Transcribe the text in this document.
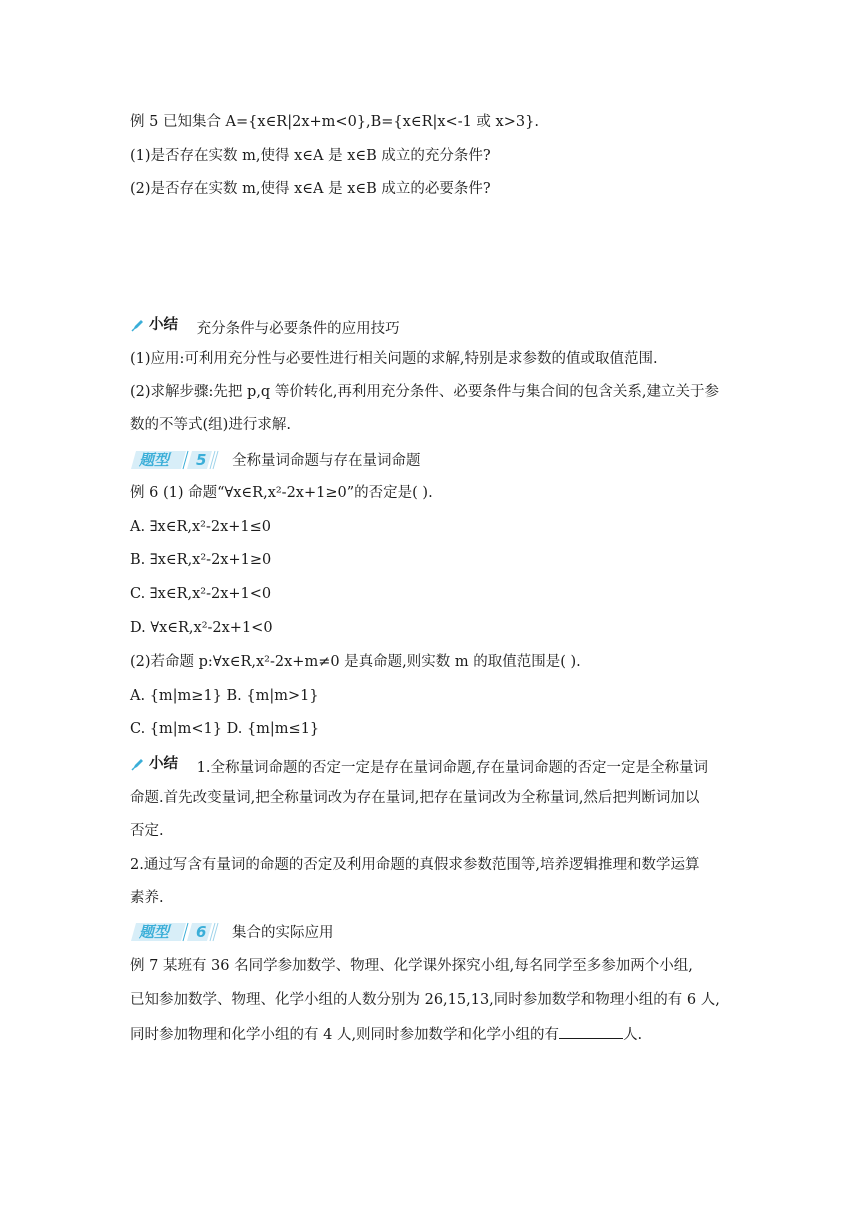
例 5 已知集合 A={x∈R|2x+m<0},B={x∈R|x<-1 或 x>3}.
(1)是否存在实数 m,使得 x∈A 是 x∈B 成立的充分条件?
(2)是否存在实数 m,使得 x∈A 是 x∈B 成立的必要条件?
小结 充分条件与必要条件的应用技巧
(1)应用:可利用充分性与必要性进行相关问题的求解,特别是求参数的值或取值范围.
(2)求解步骤:先把 p,q 等价转化,再利用充分条件、必要条件与集合间的包含关系,建立关于参
数的不等式(组)进行求解.
题型 5 全称量词命题与存在量词命题
例 6 (1) 命题“∀x∈R,x²-2x+1≥0”的否定是( ).
A. ∃x∈R,x²-2x+1≤0
B. ∃x∈R,x²-2x+1≥0
C. ∃x∈R,x²-2x+1<0
D. ∀x∈R,x²-2x+1<0
(2)若命题 p:∀x∈R,x²-2x+m≠0 是真命题,则实数 m 的取值范围是( ).
A. {m|m≥1} B. {m|m>1}
C. {m|m<1} D. {m|m≤1}
小结 1.全称量词命题的否定一定是存在量词命题,存在量词命题的否定一定是全称量词
命题.首先改变量词,把全称量词改为存在量词,把存在量词改为全称量词,然后把判断词加以
否定.
2.通过写含有量词的命题的否定及利用命题的真假求参数范围等,培养逻辑推理和数学运算
素养.
题型 6 集合的实际应用
例 7 某班有 36 名同学参加数学、物理、化学课外探究小组,每名同学至多参加两个小组,
已知参加数学、物理、化学小组的人数分别为 26,15,13,同时参加数学和物理小组的有 6 人,
同时参加物理和化学小组的有 4 人,则同时参加数学和化学小组的有	人.
